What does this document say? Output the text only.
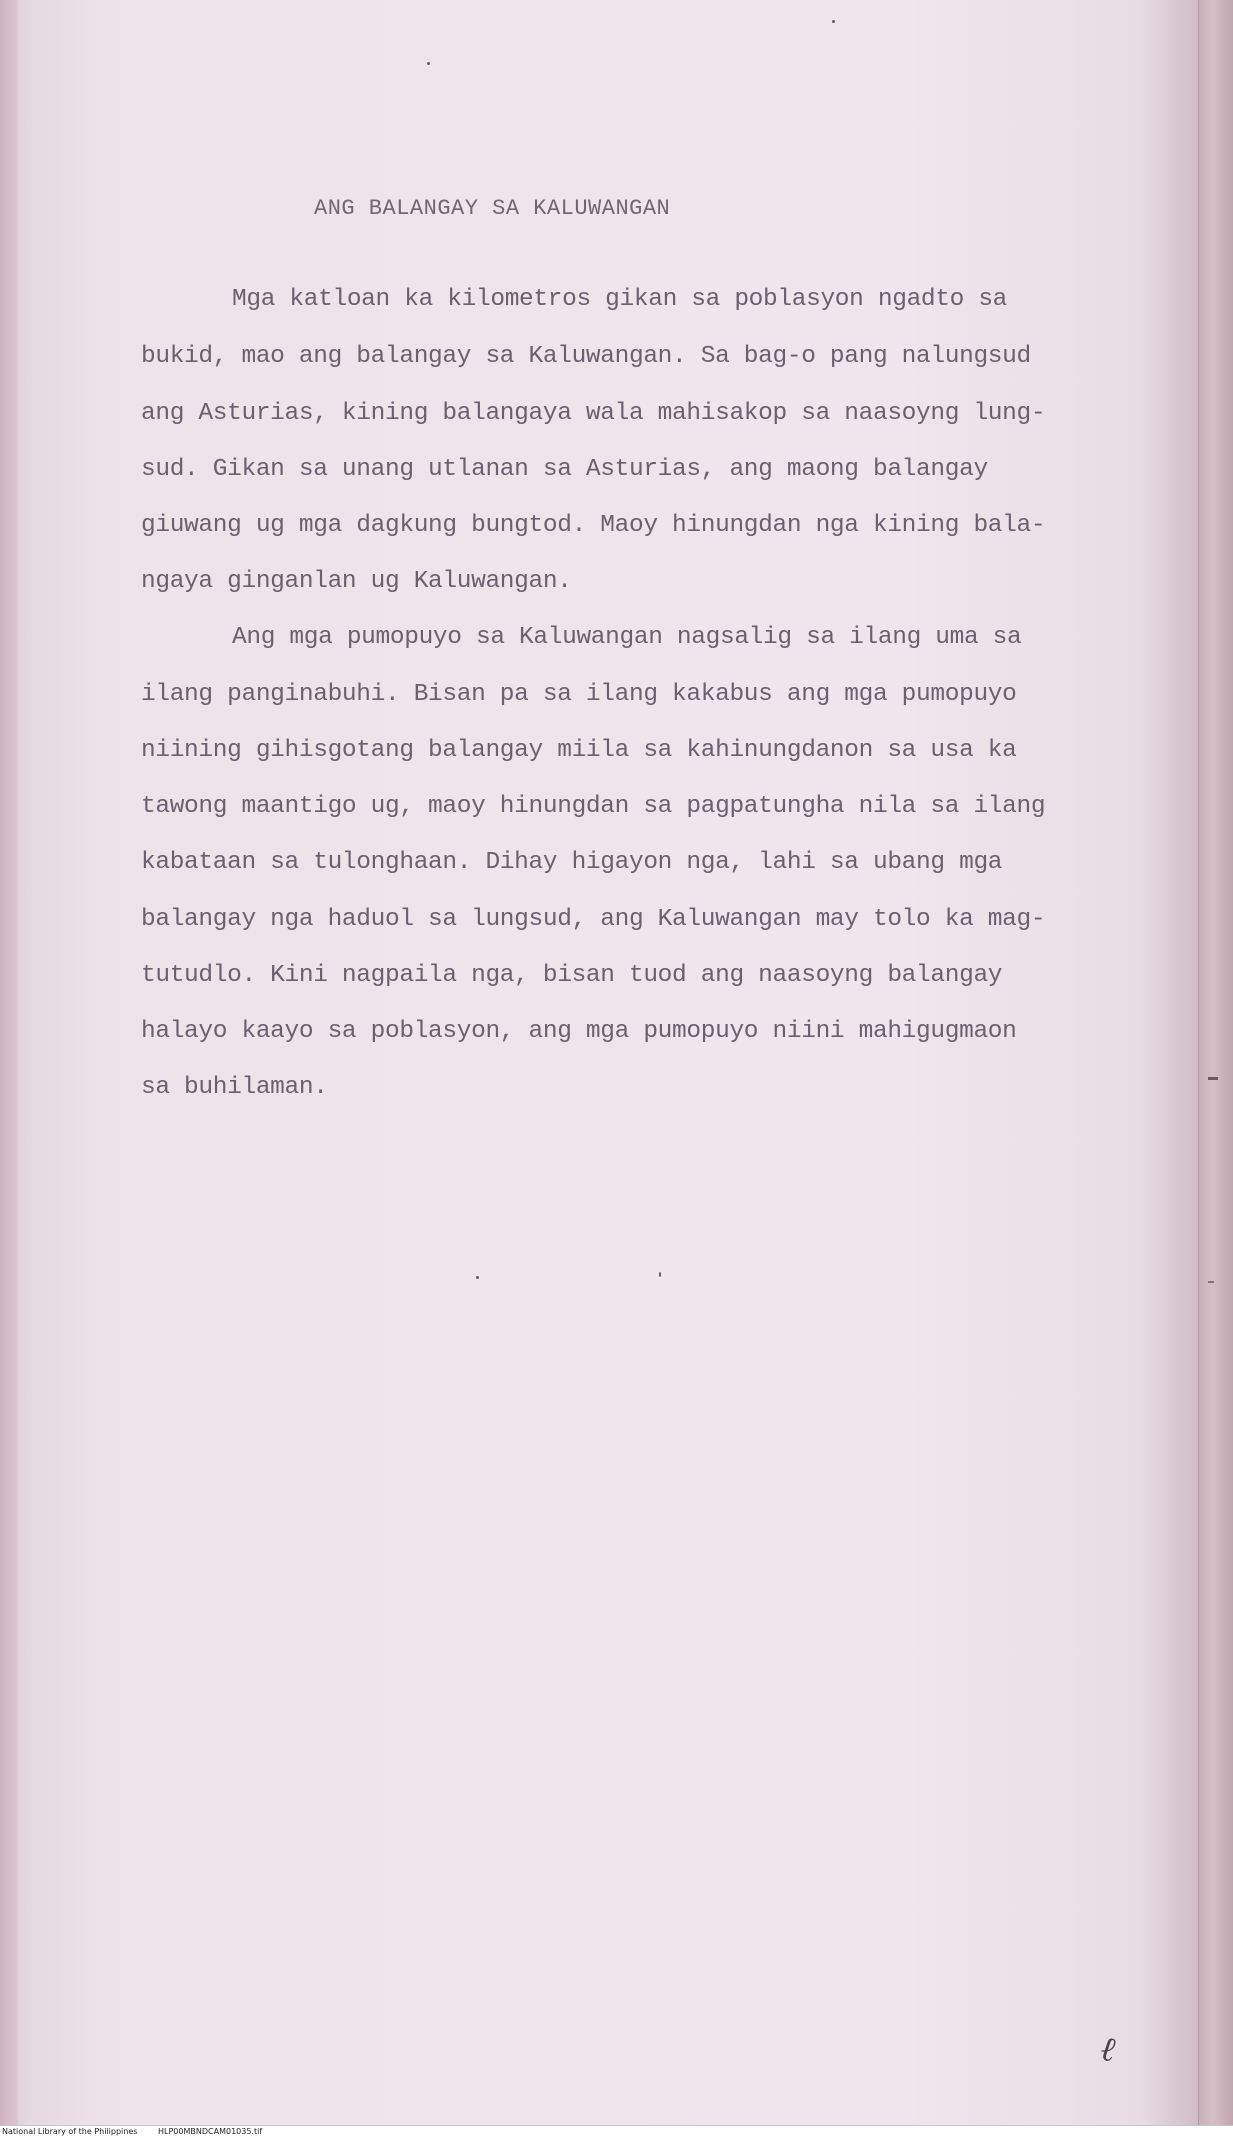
ANG BALANGAY SA KALUWANGAN
Mga katloan ka kilometros gikan sa poblasyon ngadto sa
bukid, mao ang balangay sa Kaluwangan. Sa bag-o pang nalungsud
ang Asturias, kining balangaya wala mahisakop sa naasoyng lung-
sud. Gikan sa unang utlanan sa Asturias, ang maong balangay
giuwang ug mga dagkung bungtod. Maoy hinungdan nga kining bala-
ngaya ginganlan ug Kaluwangan.
Ang mga pumopuyo sa Kaluwangan nagsalig sa ilang uma sa
ilang panginabuhi. Bisan pa sa ilang kakabus ang mga pumopuyo
niining gihisgotang balangay miila sa kahinungdanon sa usa ka
tawong maantigo ug, maoy hinungdan sa pagpatungha nila sa ilang
kabataan sa tulonghaan. Dihay higayon nga, lahi sa ubang mga
balangay nga haduol sa lungsud, ang Kaluwangan may tolo ka mag-
tutudlo. Kini nagpaila nga, bisan tuod ang naasoyng balangay
halayo kaayo sa poblasyon, ang mga pumopuyo niini mahigugmaon
sa buhilaman.
ℓ
National Library of the Philippines	HLP00MBNDCAM01035.tif
